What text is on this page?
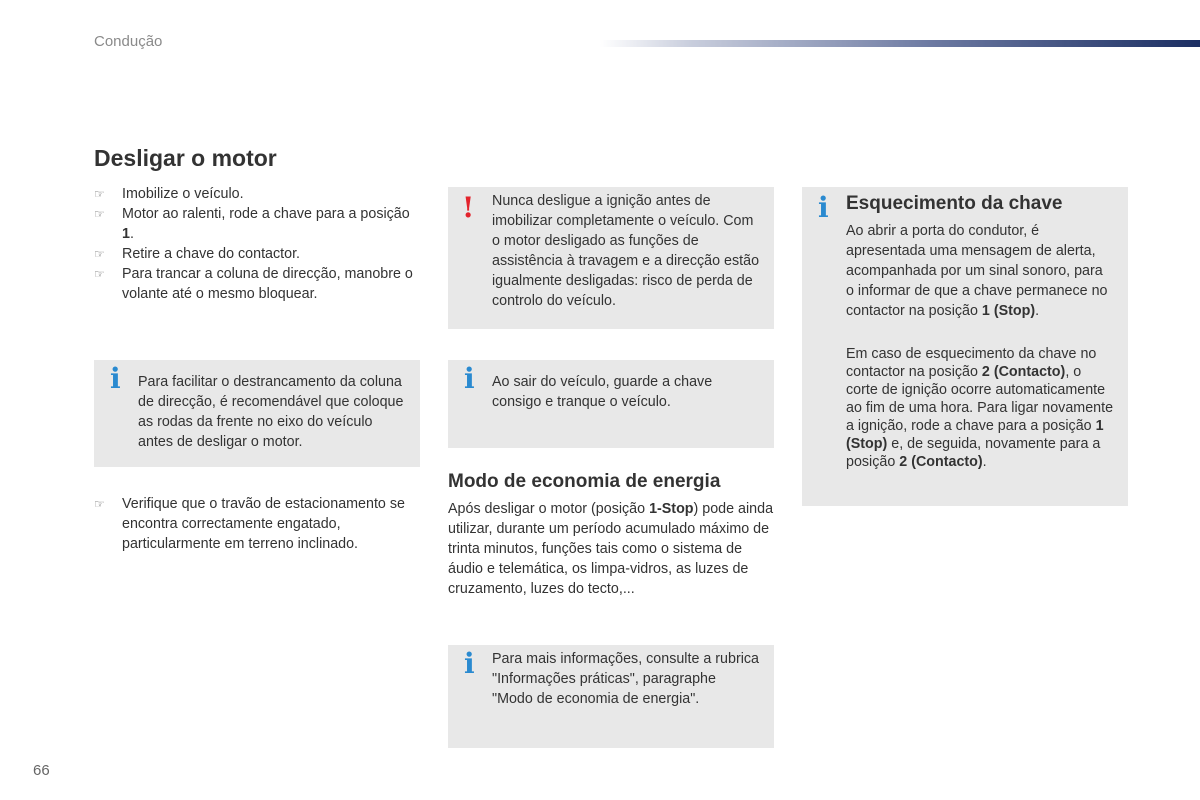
Condução
Desligar o motor
☞ Imobilize o veículo.
☞ Motor ao ralenti, rode a chave para a posição 1.
☞ Retire a chave do contactor.
☞ Para trancar a coluna de direcção, manobre o volante até o mesmo bloquear.
i Para facilitar o destrancamento da coluna de direcção, é recomendável que coloque as rodas da frente no eixo do veículo antes de desligar o motor.
☞ Verifique que o travão de estacionamento se encontra correctamente engatado, particularmente em terreno inclinado.
! Nunca desligue a ignição antes de imobilizar completamente o veículo. Com o motor desligado as funções de assistência à travagem e a direcção estão igualmente desligadas: risco de perda de controlo do veículo.
i Ao sair do veículo, guarde a chave consigo e tranque o veículo.
Modo de economia de energia

Após desligar o motor (posição 1-Stop) pode ainda utilizar, durante um período acumulado máximo de trinta minutos, funções tais como o sistema de áudio e telemática, os limpa-vidros, as luzes de cruzamento, luzes do tecto,...

i Para mais informações, consulte a rubrica "Informações práticas", paragraphe "Modo de economia de energia".
i Esquecimento da chave

Ao abrir a porta do condutor, é apresentada uma mensagem de alerta, acompanhada por um sinal sonoro, para o informar de que a chave permanece no contactor na posição 1 (Stop).

Em caso de esquecimento da chave no contactor na posição 2 (Contacto), o corte de ignição ocorre automaticamente ao fim de uma hora. Para ligar novamente a ignição, rode a chave para a posição 1 (Stop) e, de seguida, novamente para a posição 2 (Contacto).

66
